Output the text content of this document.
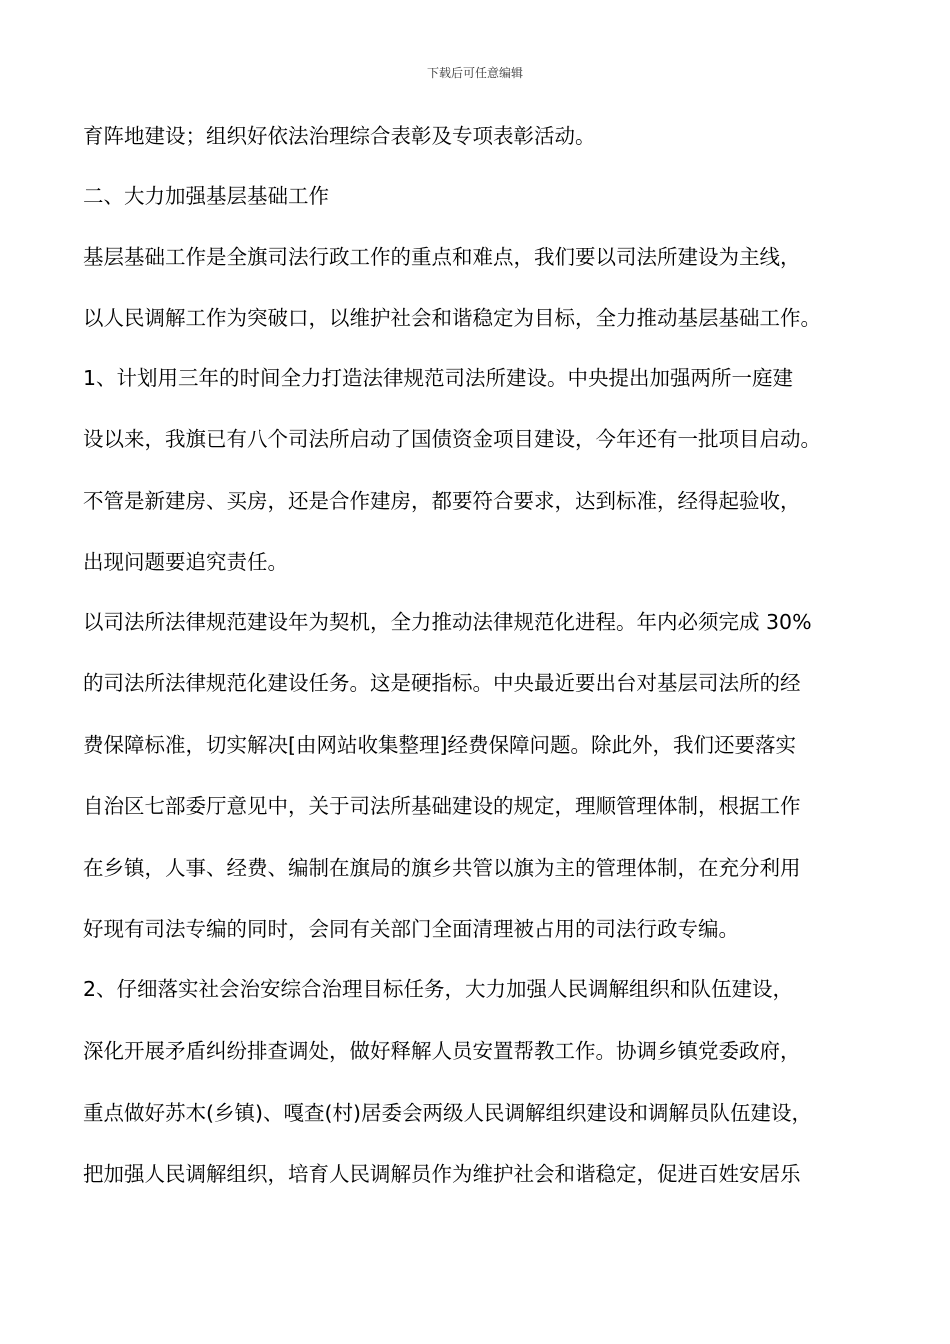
下载后可任意编辑
育阵地建设；组织好依法治理综合表彰及专项表彰活动。
二、大力加强基层基础工作
基层基础工作是全旗司法行政工作的重点和难点，我们要以司法所建设为主线，
以人民调解工作为突破口，以维护社会和谐稳定为目标，全力推动基层基础工作。
1、计划用三年的时间全力打造法律规范司法所建设。中央提出加强两所一庭建
设以来，我旗已有八个司法所启动了国债资金项目建设，今年还有一批项目启动。
不管是新建房、买房，还是合作建房，都要符合要求，达到标准，经得起验收，
出现问题要追究责任。
以司法所法律规范建设年为契机，全力推动法律规范化进程。年内必须完成 30%
的司法所法律规范化建设任务。这是硬指标。中央最近要出台对基层司法所的经
费保障标准，切实解决[由网站收集整理]经费保障问题。除此外，我们还要落实
自治区七部委厅意见中，关于司法所基础建设的规定，理顺管理体制，根据工作
在乡镇，人事、经费、编制在旗局的旗乡共管以旗为主的管理体制，在充分利用
好现有司法专编的同时，会同有关部门全面清理被占用的司法行政专编。
2、仔细落实社会治安综合治理目标任务，大力加强人民调解组织和队伍建设，
深化开展矛盾纠纷排查调处，做好释解人员安置帮教工作。协调乡镇党委政府，
重点做好苏木(乡镇)、嘎查(村)居委会两级人民调解组织建设和调解员队伍建设，
把加强人民调解组织，培育人民调解员作为维护社会和谐稳定，促进百姓安居乐
